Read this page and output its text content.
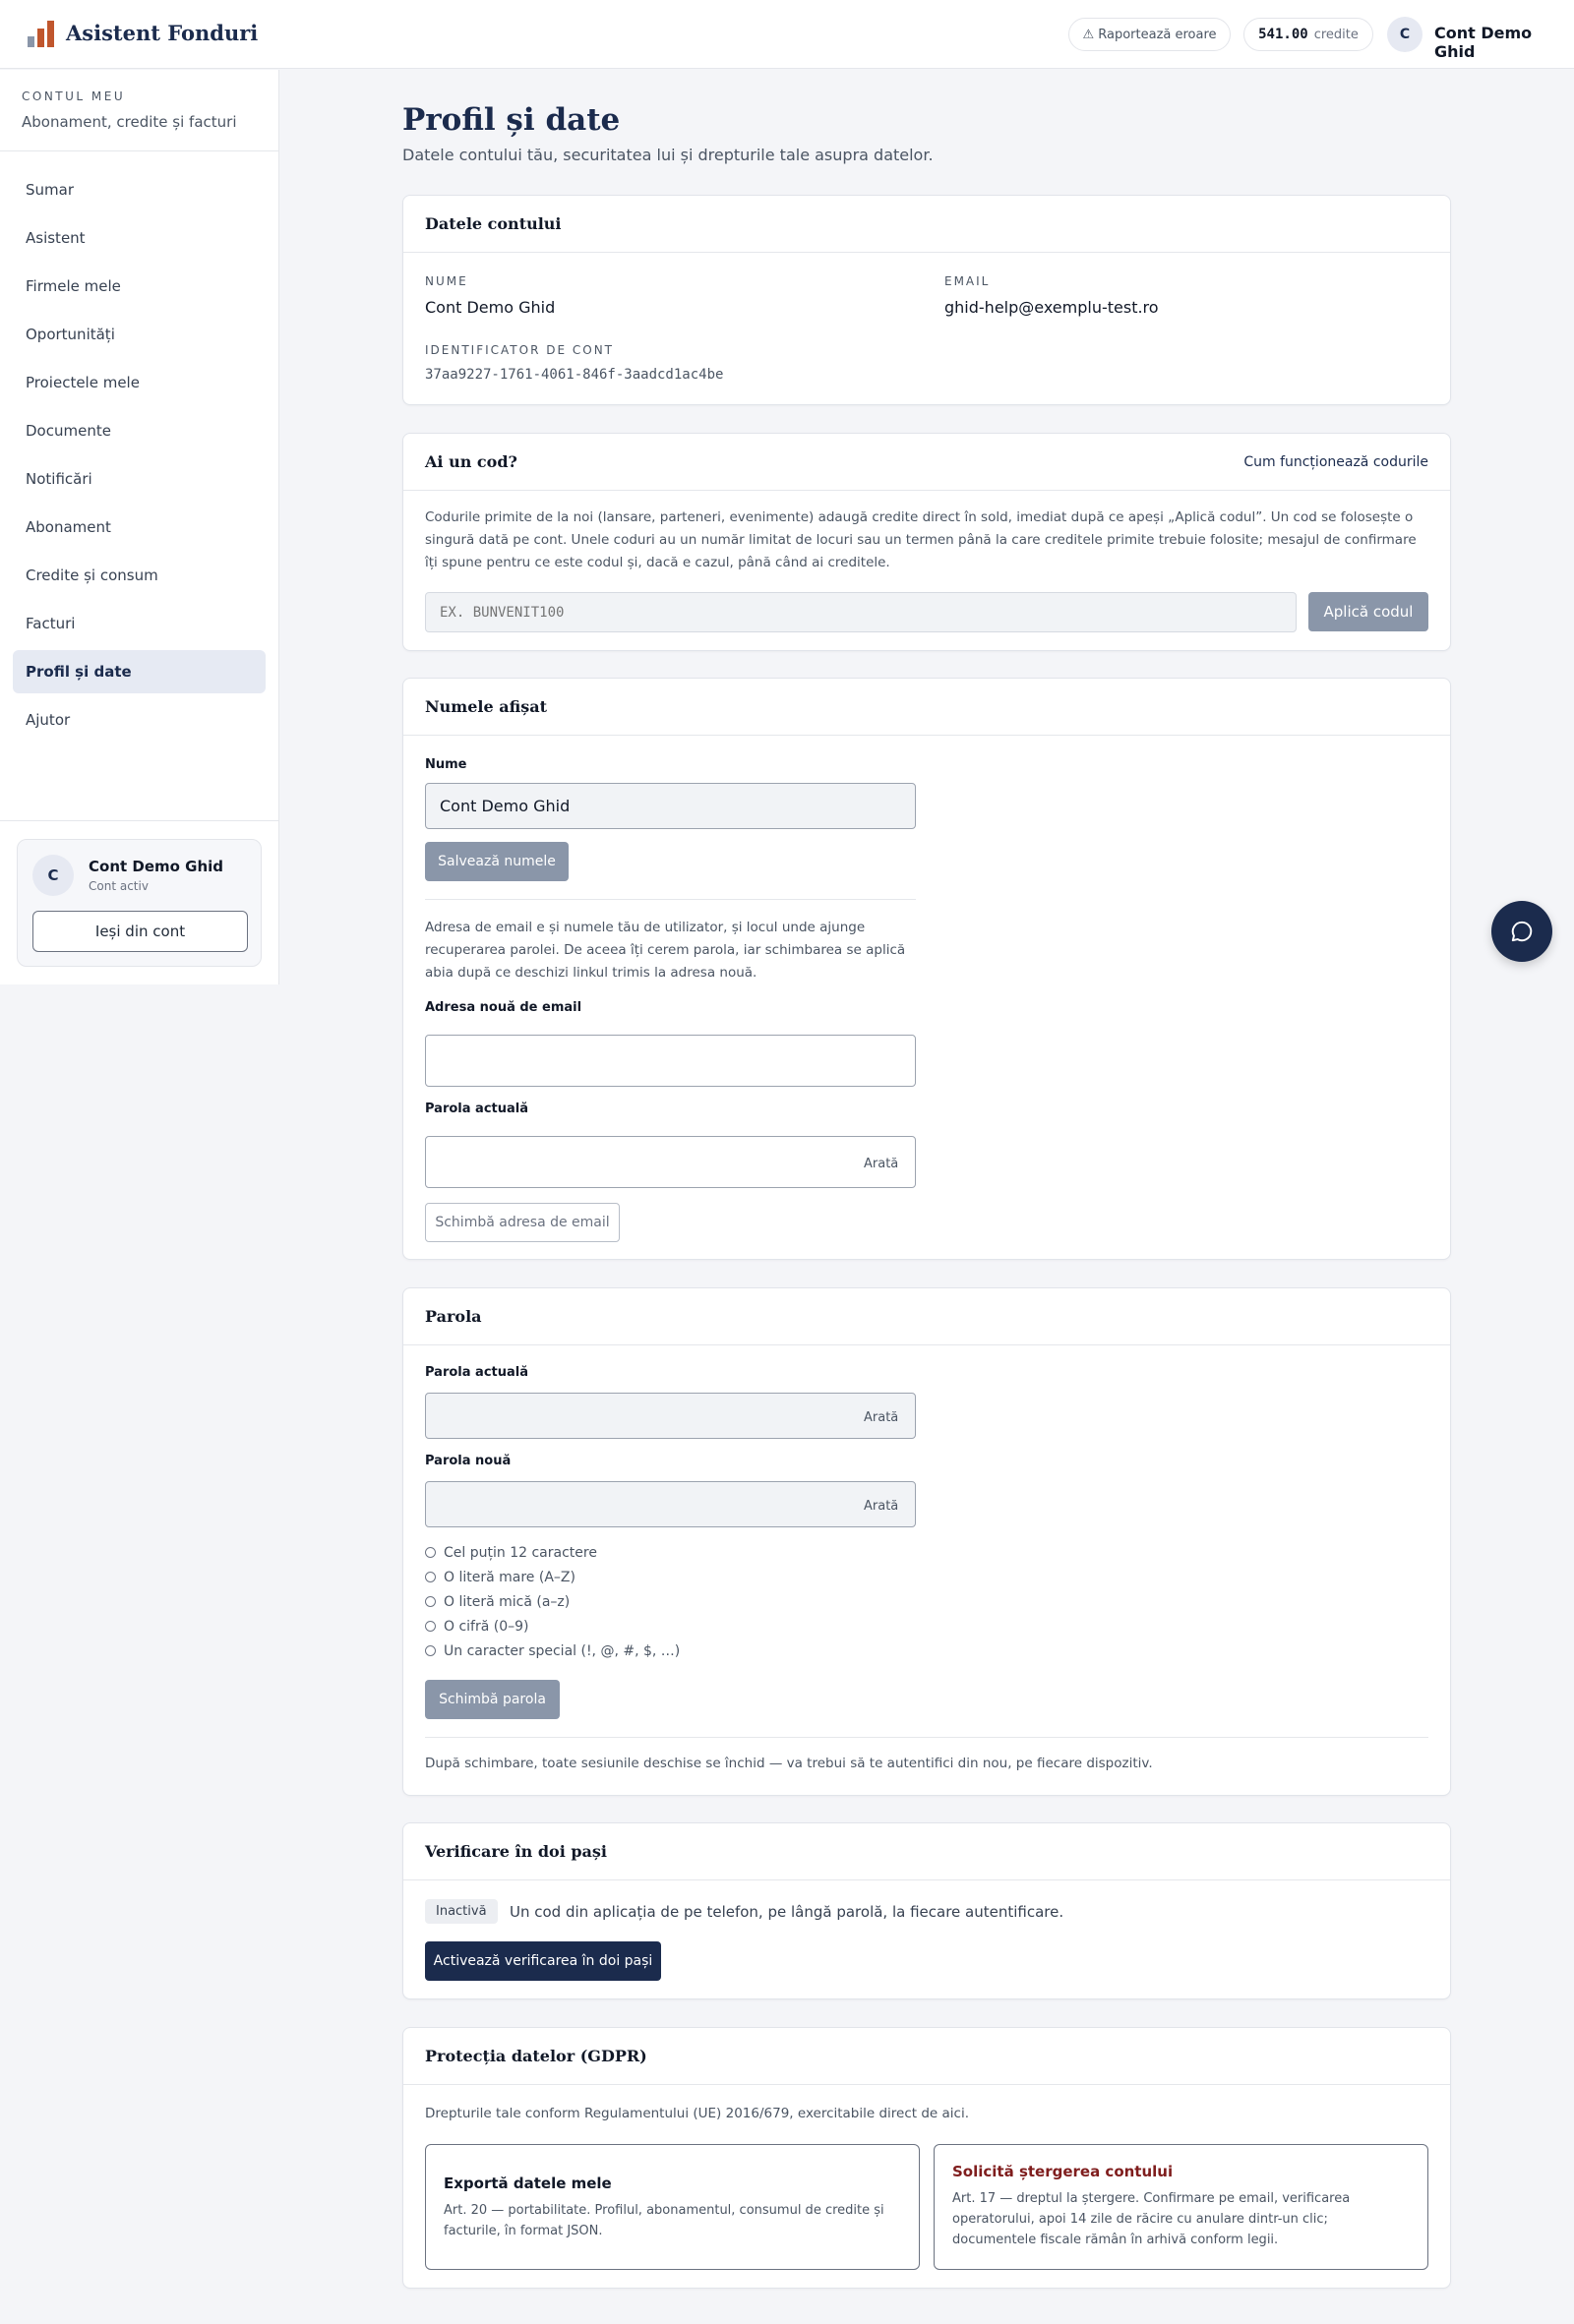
Asistent Fonduri	⚠ Raportează eroare	541.00 credite	C	Cont Demo Ghid
CONTUL MEU
Abonament, credite și facturi
Sumar
Asistent
Firmele mele
Oportunități
Proiectele mele
Documente
Notificări
Abonament
Credite și consum
Facturi
Profil și date
Ajutor
C	Cont Demo Ghid
Cont activ
Ieși din cont
Profil și date
Datele contului tău, securitatea lui și drepturile tale asupra datelor.
Datele contului
NUME
Cont Demo Ghid
EMAIL
ghid-help@exemplu-test.ro
IDENTIFICATOR DE CONT
37aa9227-1761-4061-846f-3aadcd1ac4be
Ai un cod?	Cum funcționează codurile
Codurile primite de la noi (lansare, parteneri, evenimente) adaugă credite direct în sold, imediat după ce apeși „Aplică codul”. Un cod se folosește o singură dată pe cont. Unele coduri au un număr limitat de locuri sau un termen până la care creditele primite trebuie folosite; mesajul de confirmare îți spune pentru ce este codul și, dacă e cazul, până când ai creditele.
EX. BUNVENIT100
Aplică codul
Numele afișat
Nume
Cont Demo Ghid
Salvează numele
Adresa de email e și numele tău de utilizator, și locul unde ajunge recuperarea parolei. De aceea îți cerem parola, iar schimbarea se aplică abia după ce deschizi linkul trimis la adresa nouă.
Adresa nouă de email
Parola actuală
Arată
Schimbă adresa de email
Parola
Parola actuală
Arată
Parola nouă
Arată
Cel puțin 12 caractere
O literă mare (A–Z)
O literă mică (a–z)
O cifră (0–9)
Un caracter special (!, @, #, $, …)
Schimbă parola
După schimbare, toate sesiunile deschise se închid — va trebui să te autentifici din nou, pe fiecare dispozitiv.
Verificare în doi pași
Inactivă	Un cod din aplicația de pe telefon, pe lângă parolă, la fiecare autentificare.
Activează verificarea în doi pași
Protecția datelor (GDPR)
Drepturile tale conform Regulamentului (UE) 2016/679, exercitabile direct de aici.
Exportă datele mele
Art. 20 — portabilitate. Profilul, abonamentul, consumul de credite și facturile, în format JSON.
Solicită ștergerea contului
Art. 17 — dreptul la ștergere. Confirmare pe email, verificarea operatorului, apoi 14 zile de răcire cu anulare dintr-un clic; documentele fiscale rămân în arhivă conform legii.
